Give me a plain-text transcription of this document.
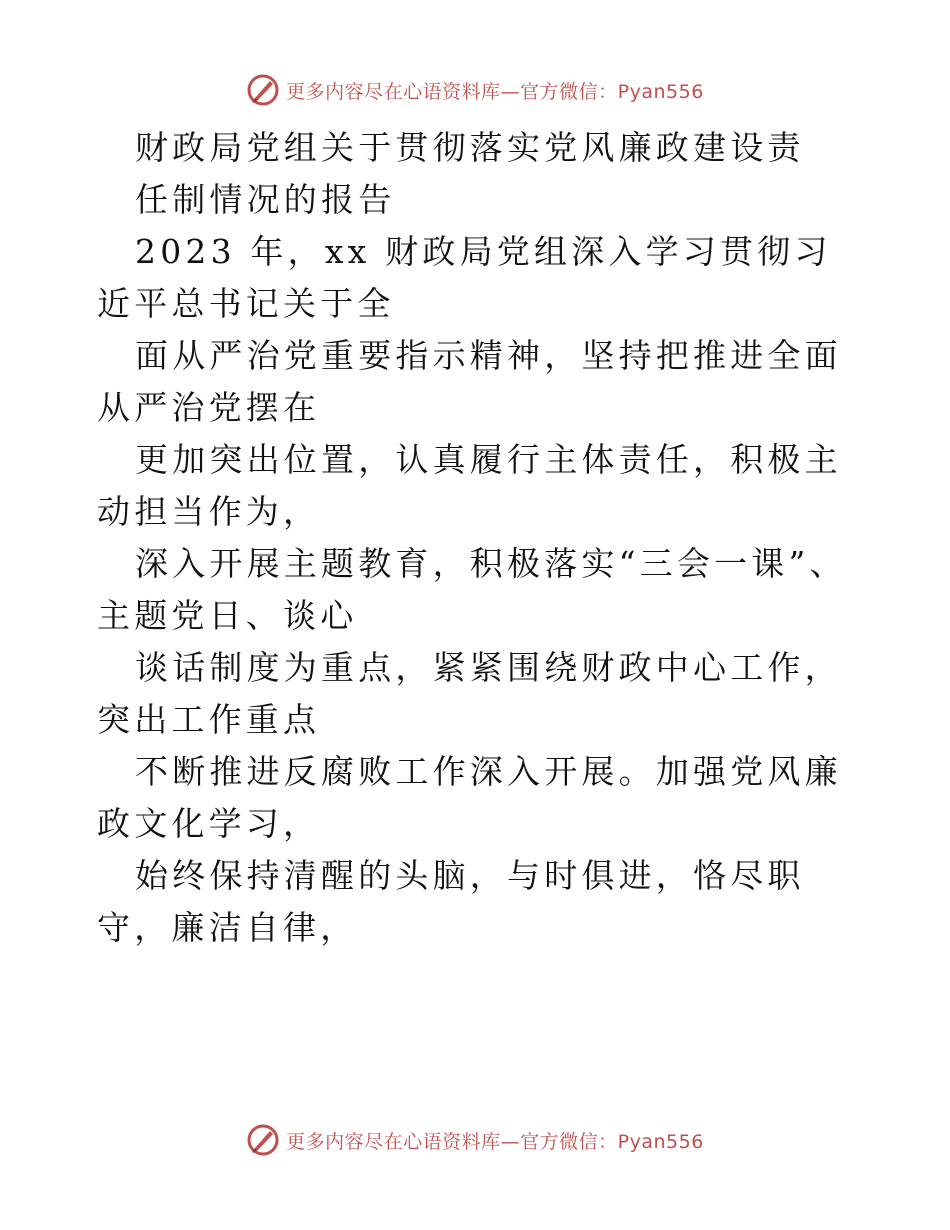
更多内容尽在心语资料库—官方微信：Pyan556

财政局党组关于贯彻落实党风廉政建设责

任制情况的报告

2023 年，xx 财政局党组深入学习贯彻习近平总书记关于全

面从严治党重要指示精神，坚持把推进全面从严治党摆在

更加突出位置，认真履行主体责任，积极主动担当作为，

深入开展主题教育，积极落实“三会一课”、主题党日、谈心

谈话制度为重点，紧紧围绕财政中心工作，突出工作重点

不断推进反腐败工作深入开展。加强党风廉政文化学习，

始终保持清醒的头脑，与时俱进，恪尽职守，廉洁自律，

更多内容尽在心语资料库—官方微信：Pyan556
